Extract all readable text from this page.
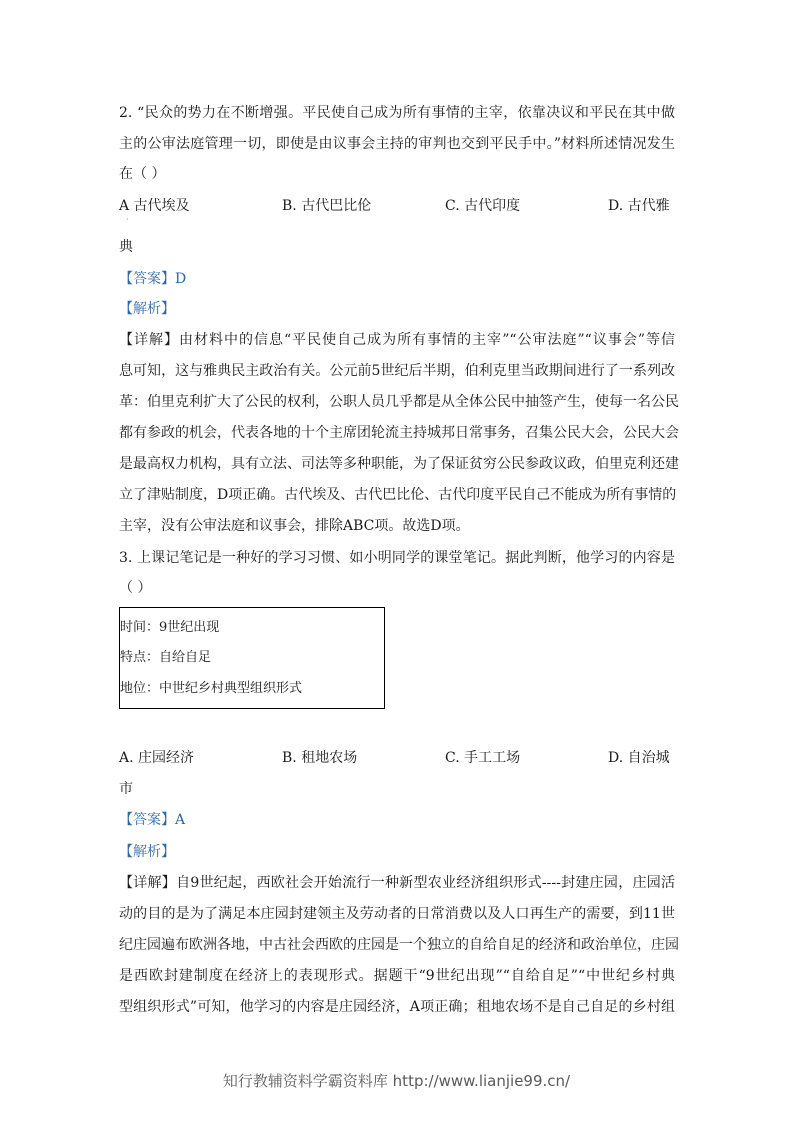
2. “民众的势力在不断增强。平民使自己成为所有事情的主宰，依靠决议和平民在其中做
主的公审法庭管理一切，即使是由议事会主持的审判也交到平民手中。”材料所述情况发生
在（ ）
A 古代埃及	B. 古代巴比伦	C. 古代印度	D. 古代雅
典
【答案】D
【解析】
【详解】由材料中的信息“平民使自己成为所有事情的主宰”“公审法庭”“议事会”等信
息可知，这与雅典民主政治有关。公元前5世纪后半期，伯利克里当政期间进行了一系列改
革：伯里克利扩大了公民的权利，公职人员几乎都是从全体公民中抽签产生，使每一名公民
都有参政的机会，代表各地的十个主席团轮流主持城邦日常事务，召集公民大会，公民大会
是最高权力机构，具有立法、司法等多种职能，为了保证贫穷公民参政议政，伯里克利还建
立了津贴制度，D项正确。古代埃及、古代巴比伦、古代印度平民自己不能成为所有事情的
主宰，没有公审法庭和议事会，排除ABC项。故选D项。
3. 上课记笔记是一种好的学习习惯、如小明同学的课堂笔记。据此判断，他学习的内容是
（ ）
时间：9世纪出现
特点：自给自足
地位：中世纪乡村典型组织形式
A. 庄园经济	B. 租地农场	C. 手工工场	D. 自治城
市
【答案】A
【解析】
【详解】自9世纪起，西欧社会开始流行一种新型农业经济组织形式----封建庄园，庄园活
动的目的是为了满足本庄园封建领主及劳动者的日常消费以及人口再生产的需要，到11世
纪庄园遍布欧洲各地，中古社会西欧的庄园是一个独立的自给自足的经济和政治单位，庄园
是西欧封建制度在经济上的表现形式。据题干“9世纪出现”“自给自足”“中世纪乡村典
型组织形式”可知，他学习的内容是庄园经济，A项正确；租地农场不是自己自足的乡村组
·
知行教辅资料学霸资料库 http://www.lianjie99.cn/
